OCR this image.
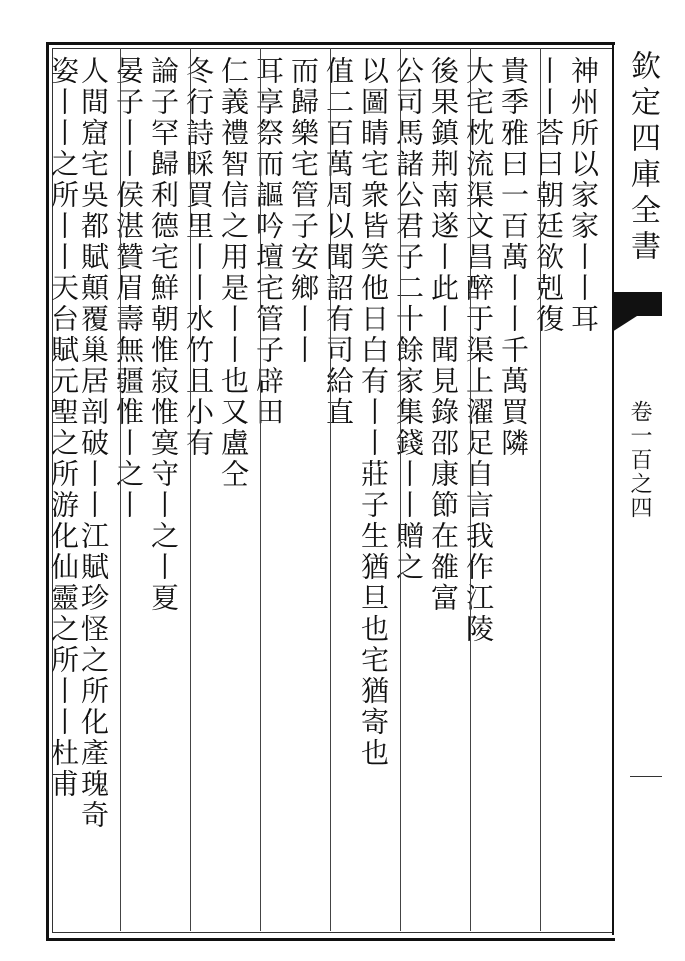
欽定四庫全書
卷一百之四
神州所以家家丨丨耳
丨丨荅曰朝廷欲剋復
貴季雅曰一百萬丨丨千萬買隣
大宅枕流渠文昌醉于渠上濯足自言我作江陵
後果鎮荆南遂丨此丨聞見錄邵康節在雒富
公司馬諸公君子二十餘家集錢丨丨贈之
以圖睛宅衆皆笑他日白有丨丨莊子生猶旦也宅猶寄也
值二百萬周以聞詔有司給直
而歸樂宅管子安鄉丨丨
耳享祭而謳吟壇宅管子辟田
仁義禮智信之用是丨丨也又盧仝
冬行詩睬買里丨丨水竹且小有
論子罕歸利德宅鮮朝惟寂惟寞守丨之丨夏
晏子丨丨侯湛贊眉壽無疆惟丨之丨
人間窟宅吳都賦顛覆巢居剖破丨丨江賦珍怪之所化產瑰奇
姿丨丨之所丨丨天台賦元聖之所游化仙靈之所丨丨杜甫
